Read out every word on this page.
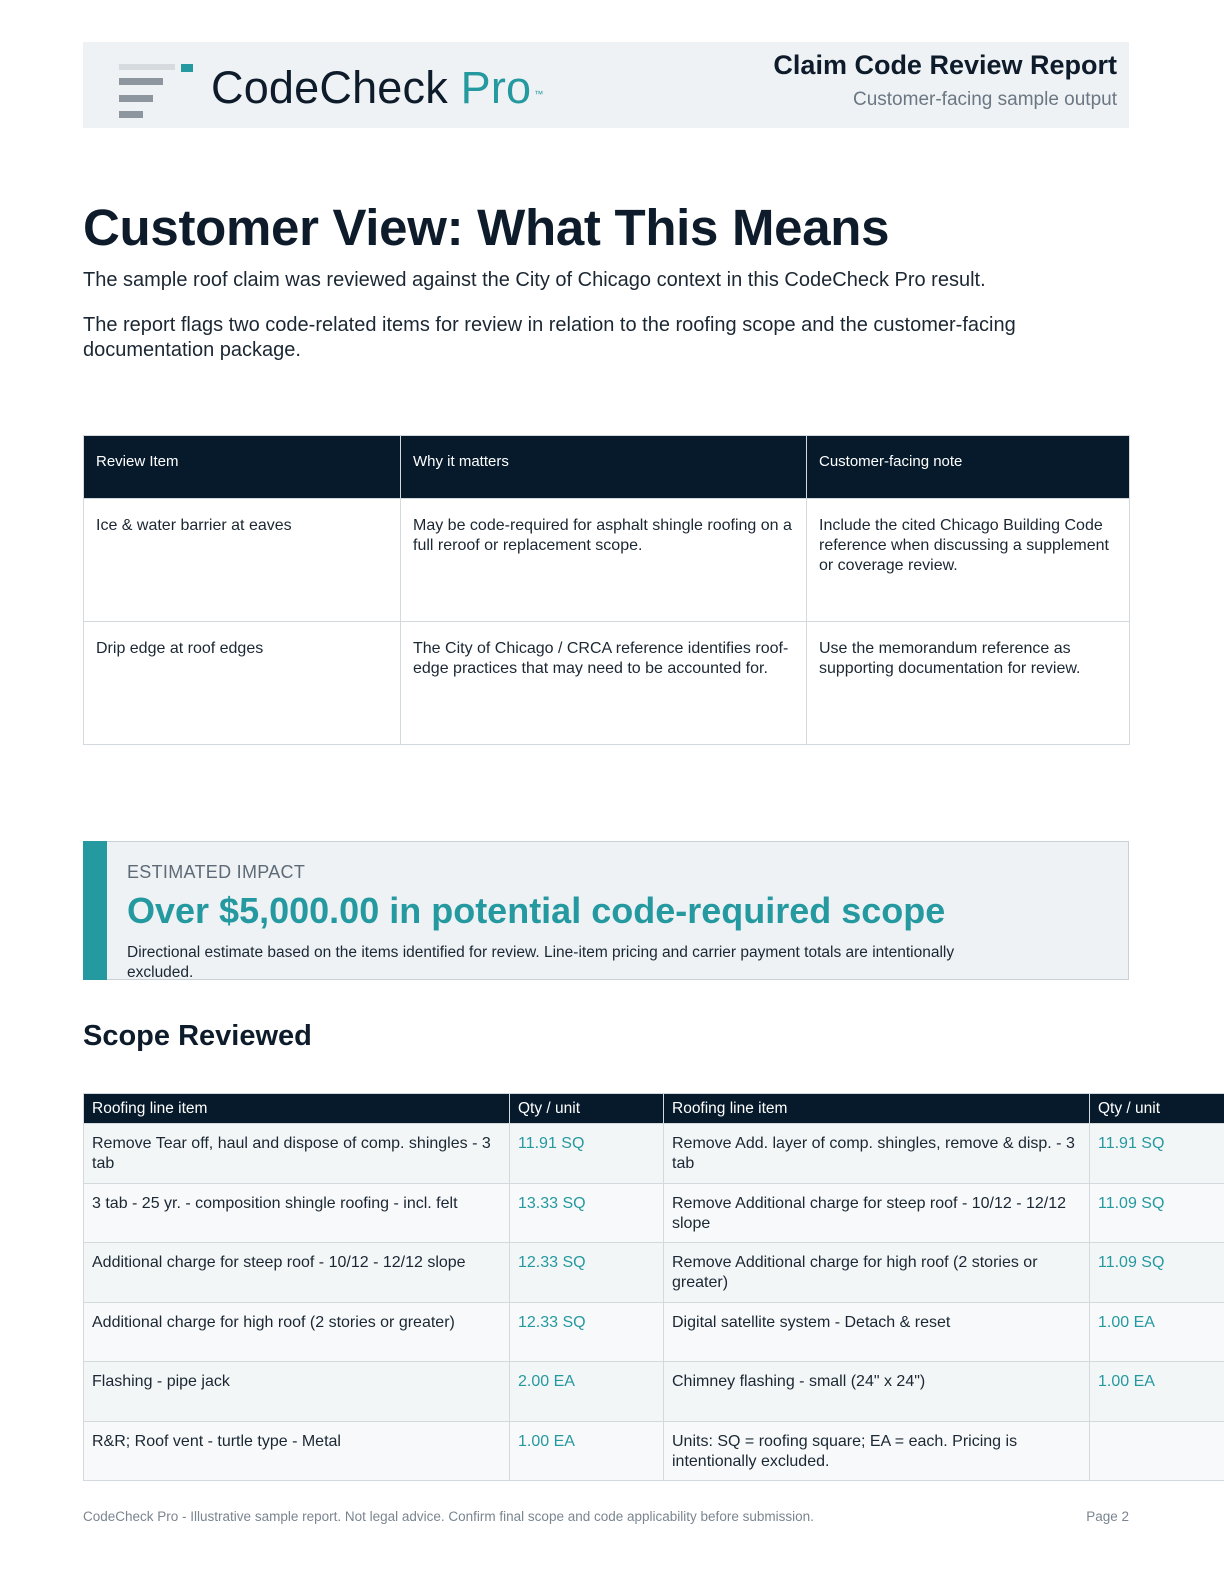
CodeCheck Pro ™
Claim Code Review Report
Customer-facing sample output
Customer View: What This Means

The sample roof claim was reviewed against the City of Chicago context in this CodeCheck Pro result.

The report flags two code-related items for review in relation to the roofing scope and the customer-facing documentation package.

Review Item	Why it matters	Customer-facing note
Ice & water barrier at eaves	May be code-required for asphalt shingle roofing on a full reroof or replacement scope.	Include the cited Chicago Building Code reference when discussing a supplement or coverage review.
Drip edge at roof edges	The City of Chicago / CRCA reference identifies roof-edge practices that may need to be accounted for.	Use the memorandum reference as supporting documentation for review.
ESTIMATED IMPACT
Over $5,000.00 in potential code-required scope
Directional estimate based on the items identified for review. Line-item pricing and carrier payment totals are intentionally excluded.
Scope Reviewed
Roofing line item	Qty / unit	Roofing line item	Qty / unit
Remove Tear off, haul and dispose of comp. shingles - 3 tab	11.91 SQ	Remove Add. layer of comp. shingles, remove & disp. - 3 tab	11.91 SQ
3 tab - 25 yr. - composition shingle roofing - incl. felt	13.33 SQ	Remove Additional charge for steep roof - 10/12 - 12/12 slope	11.09 SQ
Additional charge for steep roof - 10/12 - 12/12 slope	12.33 SQ	Remove Additional charge for high roof (2 stories or greater)	11.09 SQ
Additional charge for high roof (2 stories or greater)	12.33 SQ	Digital satellite system - Detach & reset	1.00 EA
Flashing - pipe jack	2.00 EA	Chimney flashing - small (24" x 24")	1.00 EA
R&R; Roof vent - turtle type - Metal	1.00 EA	Units: SQ = roofing square; EA = each. Pricing is intentionally excluded.	
CodeCheck Pro - Illustrative sample report. Not legal advice. Confirm final scope and code applicability before submission.	Page 2
